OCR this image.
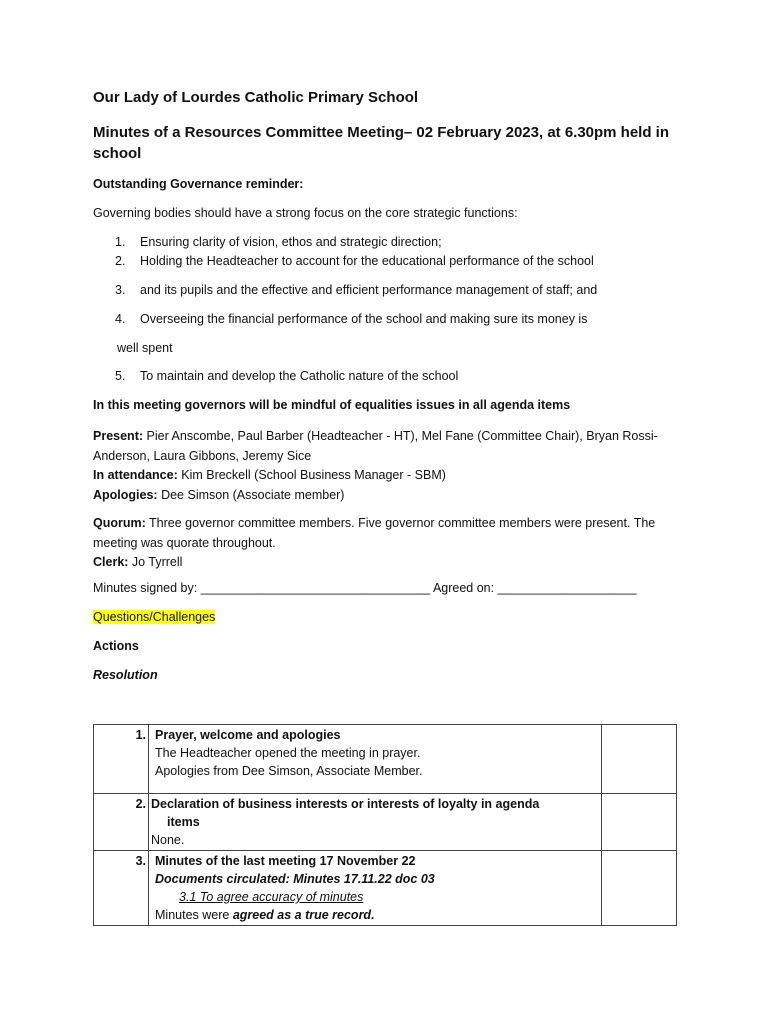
Our Lady of Lourdes Catholic Primary School
Minutes of a Resources Committee Meeting– 02 February 2023, at 6.30pm held in school
Outstanding Governance reminder:
Governing bodies should have a strong focus on the core strategic functions:
1. Ensuring clarity of vision, ethos and strategic direction;
2. Holding the Headteacher to account for the educational performance of the school
3. and its pupils and the effective and efficient performance management of staff; and
4. Overseeing the financial performance of the school and making sure its money is
well spent
5. To maintain and develop the Catholic nature of the school
In this meeting governors will be mindful of equalities issues in all agenda items
Present: Pier Anscombe, Paul Barber (Headteacher - HT), Mel Fane (Committee Chair), Bryan Rossi-Anderson, Laura Gibbons, Jeremy Sice
In attendance: Kim Breckell (School Business Manager - SBM)
Apologies: Dee Simson (Associate member)
Quorum: Three governor committee members. Five governor committee members were present. The meeting was quorate throughout.
Clerk: Jo Tyrrell
Minutes signed by: _________________________________ Agreed on: ____________________
Questions/Challenges
Actions
Resolution
1.	Prayer, welcome and apologies
The Headteacher opened the meeting in prayer.
Apologies from Dee Simson, Associate Member.	

2.	Declaration of business interests or interests of loyalty in agenda
items
None.	

3.	Minutes of the last meeting 17 November 22
Documents circulated: Minutes 17.11.22 doc 03
3.1 To agree accuracy of minutes
Minutes were agreed as a true record.	
